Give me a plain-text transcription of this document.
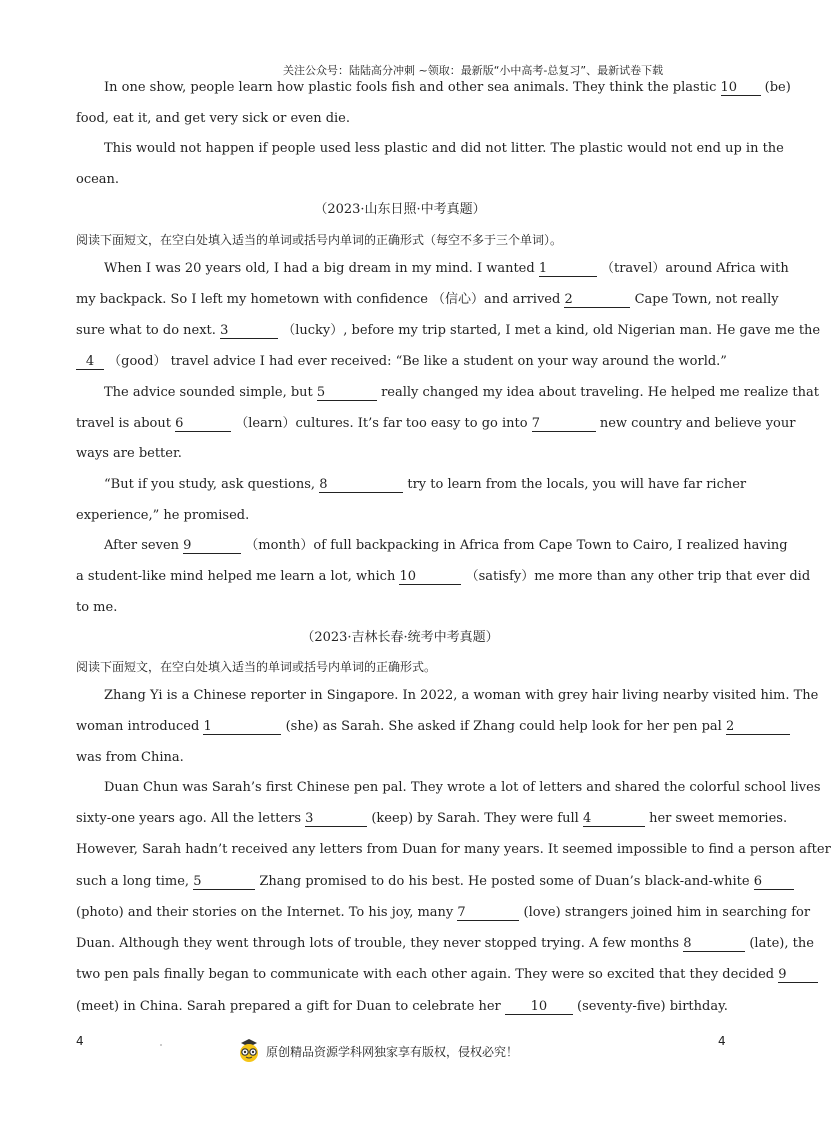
关注公众号：陆陆高分冲刺 ~领取：最新版“小中高考-总复习”、最新试卷下载
In one show, people learn how plastic fools fish and other sea animals. They think the plastic 10 (be)
food, eat it, and get very sick or even die.
This would not happen if people used less plastic and did not litter. The plastic would not end up in the
ocean.
（2023·山东日照·中考真题）
阅读下面短文，在空白处填入适当的单词或括号内单词的正确形式（每空不多于三个单词）。
When I was 20 years old, I had a big dream in my mind. I wanted 1	（travel）around Africa with
my backpack. So I left my hometown with confidence （信心）and arrived 2	Cape Town, not really
sure what to do next. 3	（lucky）, before my trip started, I met a kind, old Nigerian man. He gave me the
4 （good） travel advice I had ever received: “Be like a student on your way around the world.”
The advice sounded simple, but 5	really changed my idea about traveling. He helped me realize that
travel is about 6	（learn）cultures. It’s far too easy to go into 7	new country and believe your
ways are better.
“But if you study, ask questions, 8	try to learn from the locals, you will have far richer
experience,” he promised.
After seven 9	（month）of full backpacking in Africa from Cape Town to Cairo, I realized having
a student-like mind helped me learn a lot, which 10	（satisfy）me more than any other trip that ever did
to me.
（2023·吉林长春·统考中考真题）
阅读下面短文，在空白处填入适当的单词或括号内单词的正确形式。
Zhang Yi is a Chinese reporter in Singapore. In 2022, a woman with grey hair living nearby visited him. The
woman introduced 1	(she) as Sarah. She asked if Zhang could help look for her pen pal 2
was from China.
Duan Chun was Sarah’s first Chinese pen pal. They wrote a lot of letters and shared the colorful school lives
sixty-one years ago. All the letters 3	(keep) by Sarah. They were full 4	her sweet memories.
However, Sarah hadn’t received any letters from Duan for many years. It seemed impossible to find a person after
such a long time, 5	Zhang promised to do his best. He posted some of Duan’s black-and-white 6
(photo) and their stories on the Internet. To his joy, many 7	(love) strangers joined him in searching for
Duan. Although they went through lots of trouble, they never stopped trying. A few months 8	(late), the
two pen pals finally began to communicate with each other again. They were so excited that they decided 9
(meet) in China. Sarah prepared a gift for Duan to celebrate her 10 (seventy-five) birthday.
4
原创精品资源学科网独家享有版权，侵权必究！
4
